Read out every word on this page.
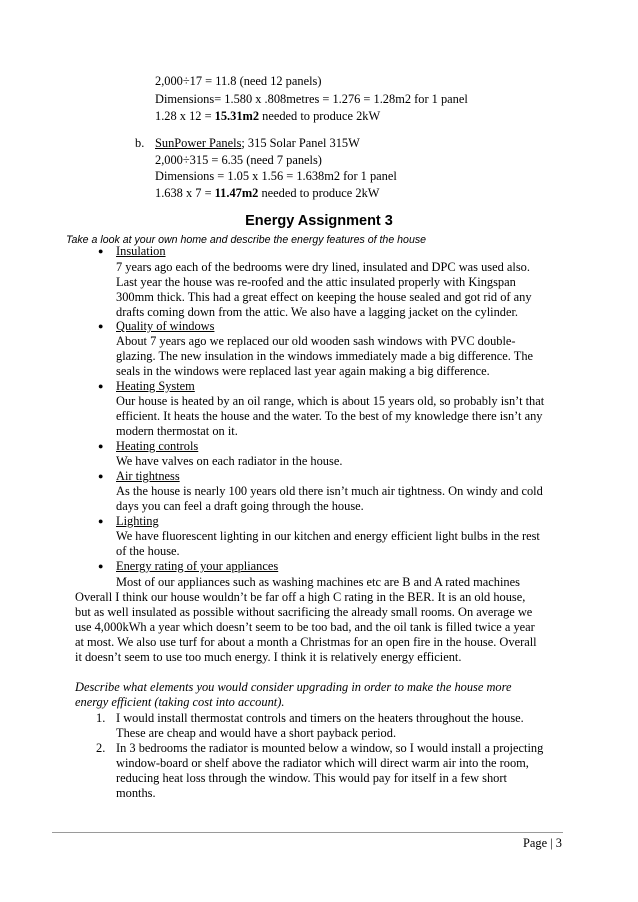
2,000÷17 = 11.8 (need 12 panels)
Dimensions= 1.580 x .808metres = 1.276 = 1.28m2 for 1 panel
1.28 x 12 = 15.31m2 needed to produce 2kW
b. SunPower Panels; 315 Solar Panel 315W
2,000÷315 = 6.35 (need 7 panels)
Dimensions = 1.05 x 1.56 = 1.638m2 for 1 panel
1.638 x 7 = 11.47m2 needed to produce 2kW
Energy Assignment 3
Take a look at your own home and describe the energy features of the house
● Insulation
7 years ago each of the bedrooms were dry lined, insulated and DPC was used also.
Last year the house was re-roofed and the attic insulated properly with Kingspan
300mm thick. This had a great effect on keeping the house sealed and got rid of any
drafts coming down from the attic. We also have a lagging jacket on the cylinder.
● Quality of windows
About 7 years ago we replaced our old wooden sash windows with PVC double-
glazing. The new insulation in the windows immediately made a big difference. The
seals in the windows were replaced last year again making a big difference.
● Heating System
Our house is heated by an oil range, which is about 15 years old, so probably isn’t that
efficient. It heats the house and the water. To the best of my knowledge there isn’t any
modern thermostat on it.
● Heating controls
We have valves on each radiator in the house.
● Air tightness
As the house is nearly 100 years old there isn’t much air tightness. On windy and cold
days you can feel a draft going through the house.
● Lighting
We have fluorescent lighting in our kitchen and energy efficient light bulbs in the rest
of the house.
● Energy rating of your appliances
Most of our appliances such as washing machines etc are B and A rated machines
Overall I think our house wouldn’t be far off a high C rating in the BER. It is an old house,
but as well insulated as possible without sacrificing the already small rooms. On average we
use 4,000kWh a year which doesn’t seem to be too bad, and the oil tank is filled twice a year
at most. We also use turf for about a month a Christmas for an open fire in the house. Overall
it doesn’t seem to use too much energy. I think it is relatively energy efficient.
Describe what elements you would consider upgrading in order to make the house more
energy efficient (taking cost into account).
1. I would install thermostat controls and timers on the heaters throughout the house.
These are cheap and would have a short payback period.
2. In 3 bedrooms the radiator is mounted below a window, so I would install a projecting
window-board or shelf above the radiator which will direct warm air into the room,
reducing heat loss through the window. This would pay for itself in a few short
months.
Page | 3
